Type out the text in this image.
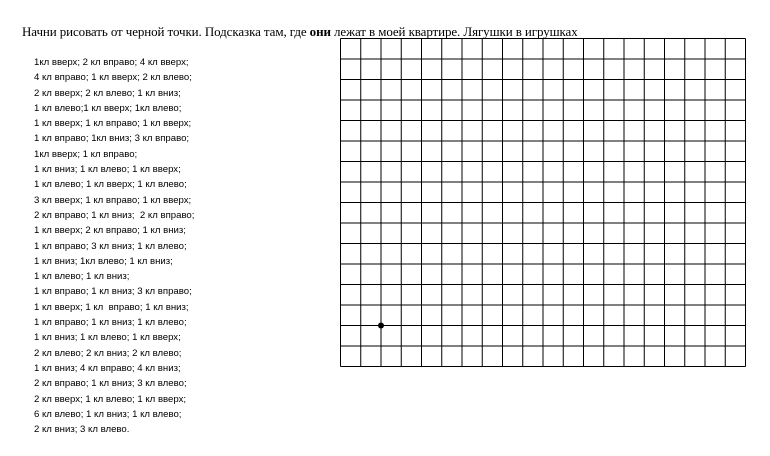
Начни рисовать от черной точки. Подсказка там, где они лежат в моей квартире. Лягушки в игрушках
1кл вверх; 2 кл вправо; 4 кл вверх;
4 кл вправо; 1 кл вверх; 2 кл влево;
2 кл вверх; 2 кл влево; 1 кл вниз;
1 кл влево;1 кл вверх; 1кл влево;
1 кл вверх; 1 кл вправо; 1 кл вверх;
1 кл вправо; 1кл вниз; 3 кл вправо;
1кл вверх; 1 кл вправо;
1 кл вниз; 1 кл влево; 1 кл вверх;
1 кл влево; 1 кл вверх; 1 кл влево;
3 кл вверх; 1 кл вправо; 1 кл вверх;
2 кл вправо; 1 кл вниз;  2 кл вправо;
1 кл вверх; 2 кл вправо; 1 кл вниз;
1 кл вправо; 3 кл вниз; 1 кл влево;
1 кл вниз; 1кл влево; 1 кл вниз;
1 кл влево; 1 кл вниз;
1 кл вправо; 1 кл вниз; 3 кл вправо;
1 кл вверх; 1 кл  вправо; 1 кл вниз;
1 кл вправо; 1 кл вниз; 1 кл влево;
1 кл вниз; 1 кл влево; 1 кл вверх;
2 кл влево; 2 кл вниз; 2 кл влево;
1 кл вниз; 4 кл вправо; 4 кл вниз;
2 кл вправо; 1 кл вниз; 3 кл влево;
2 кл вверх; 1 кл влево; 1 кл вверх;
6 кл влево; 1 кл вниз; 1 кл влево;
2 кл вниз; 3 кл влево.
